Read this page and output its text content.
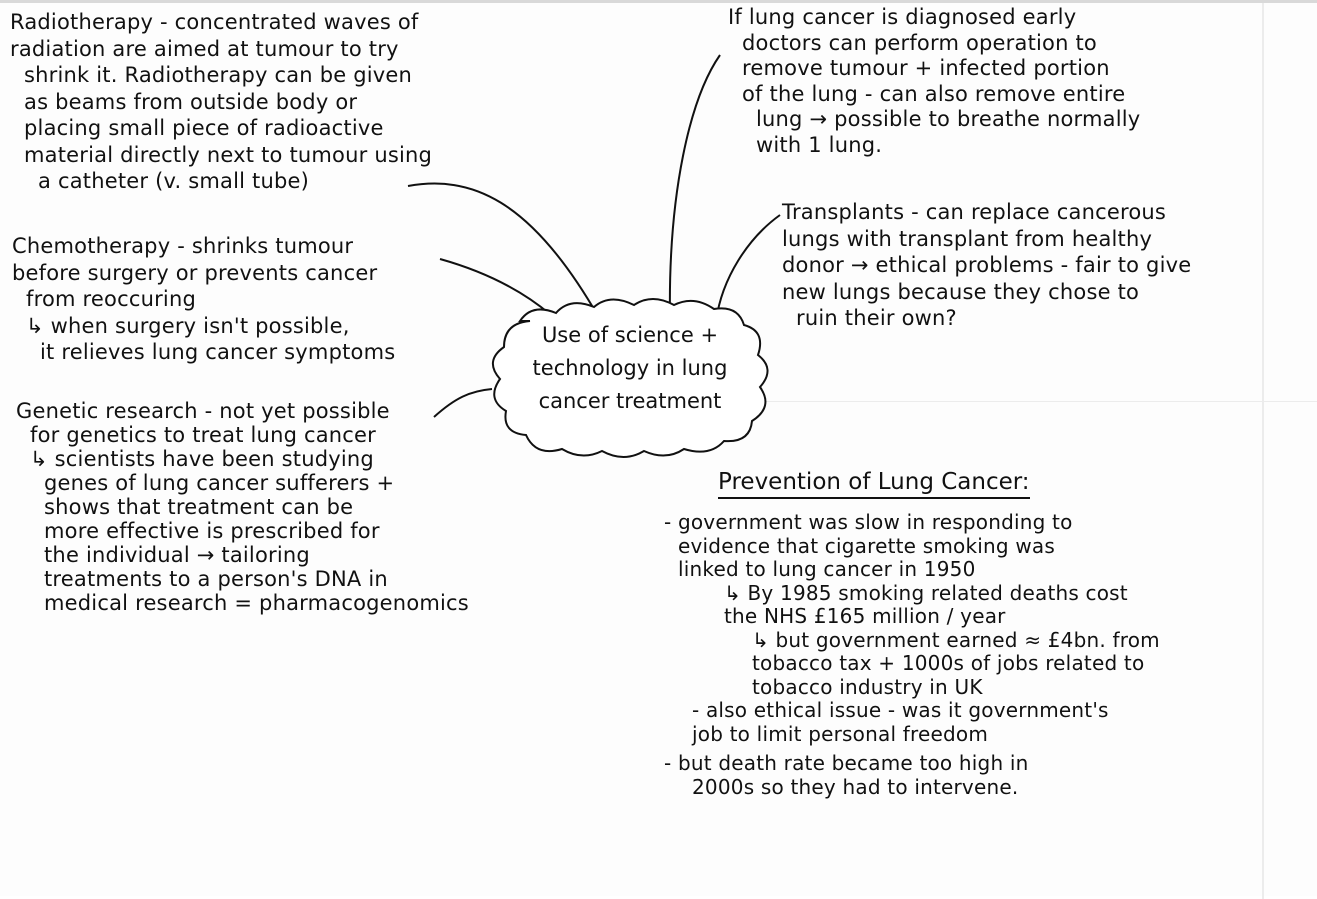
Use of science +
technology in lung
cancer treatment
Radiotherapy - concentrated waves of
radiation are aimed at tumour to try
shrink it. Radiotherapy can be given
as beams from outside body or
placing small piece of radioactive
material directly next to tumour using
a catheter (v. small tube)
Chemotherapy - shrinks tumour
before surgery or prevents cancer
from reoccuring
↳ when surgery isn't possible,
it relieves lung cancer symptoms
Genetic research - not yet possible
for genetics to treat lung cancer
↳ scientists have been studying
genes of lung cancer sufferers +
shows that treatment can be
more effective is prescribed for
the individual → tailoring
treatments to a person's DNA in
medical research = pharmacogenomics
If lung cancer is diagnosed early
doctors can perform operation to
remove tumour + infected portion
of the lung - can also remove entire
lung → possible to breathe normally
with 1 lung.
Transplants - can replace cancerous
lungs with transplant from healthy
donor → ethical problems - fair to give
new lungs because they chose to
ruin their own?
Prevention of Lung Cancer:
- government was slow in responding to
evidence that cigarette smoking was
linked to lung cancer in 1950
↳ By 1985 smoking related deaths cost
the NHS £165 million / year
↳ but government earned ≈ £4bn. from
tobacco tax + 1000s of jobs related to
tobacco industry in UK
- also ethical issue - was it government's
job to limit personal freedom
- but death rate became too high in
2000s so they had to intervene.
